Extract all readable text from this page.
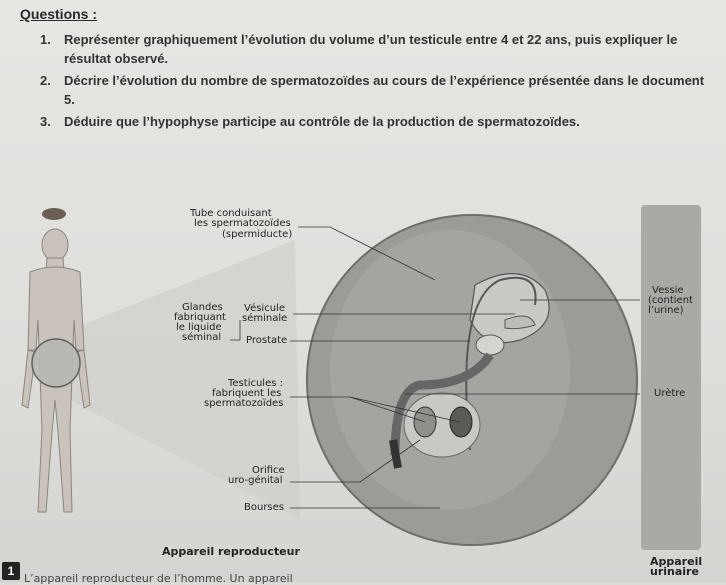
Questions :
1. Représenter graphiquement l’évolution du volume d’un testicule entre 4 et 22 ans, puis expliquer le résultat observé.
2. Décrire l’évolution du nombre de spermatozoïdes au cours de l’expérience présentée dans le document 5.
3. Déduire que l’hypophyse participe au contrôle de la production de spermatozoïdes.
Tube conduisant
les spermatozoïdes
(spermiducte)
Glandes
fabriquant
le liquide
séminal
Vésicule
séminale
Prostate
Testicules :
fabriquent les
spermatozoïdes
Orifice
uro-génital
Bourses
Vessie
(contient
l’urine)
Urètre
Appareil reproducteur
Appareil
urinaire
1
L’appareil reproducteur de l’homme. Un appareil
